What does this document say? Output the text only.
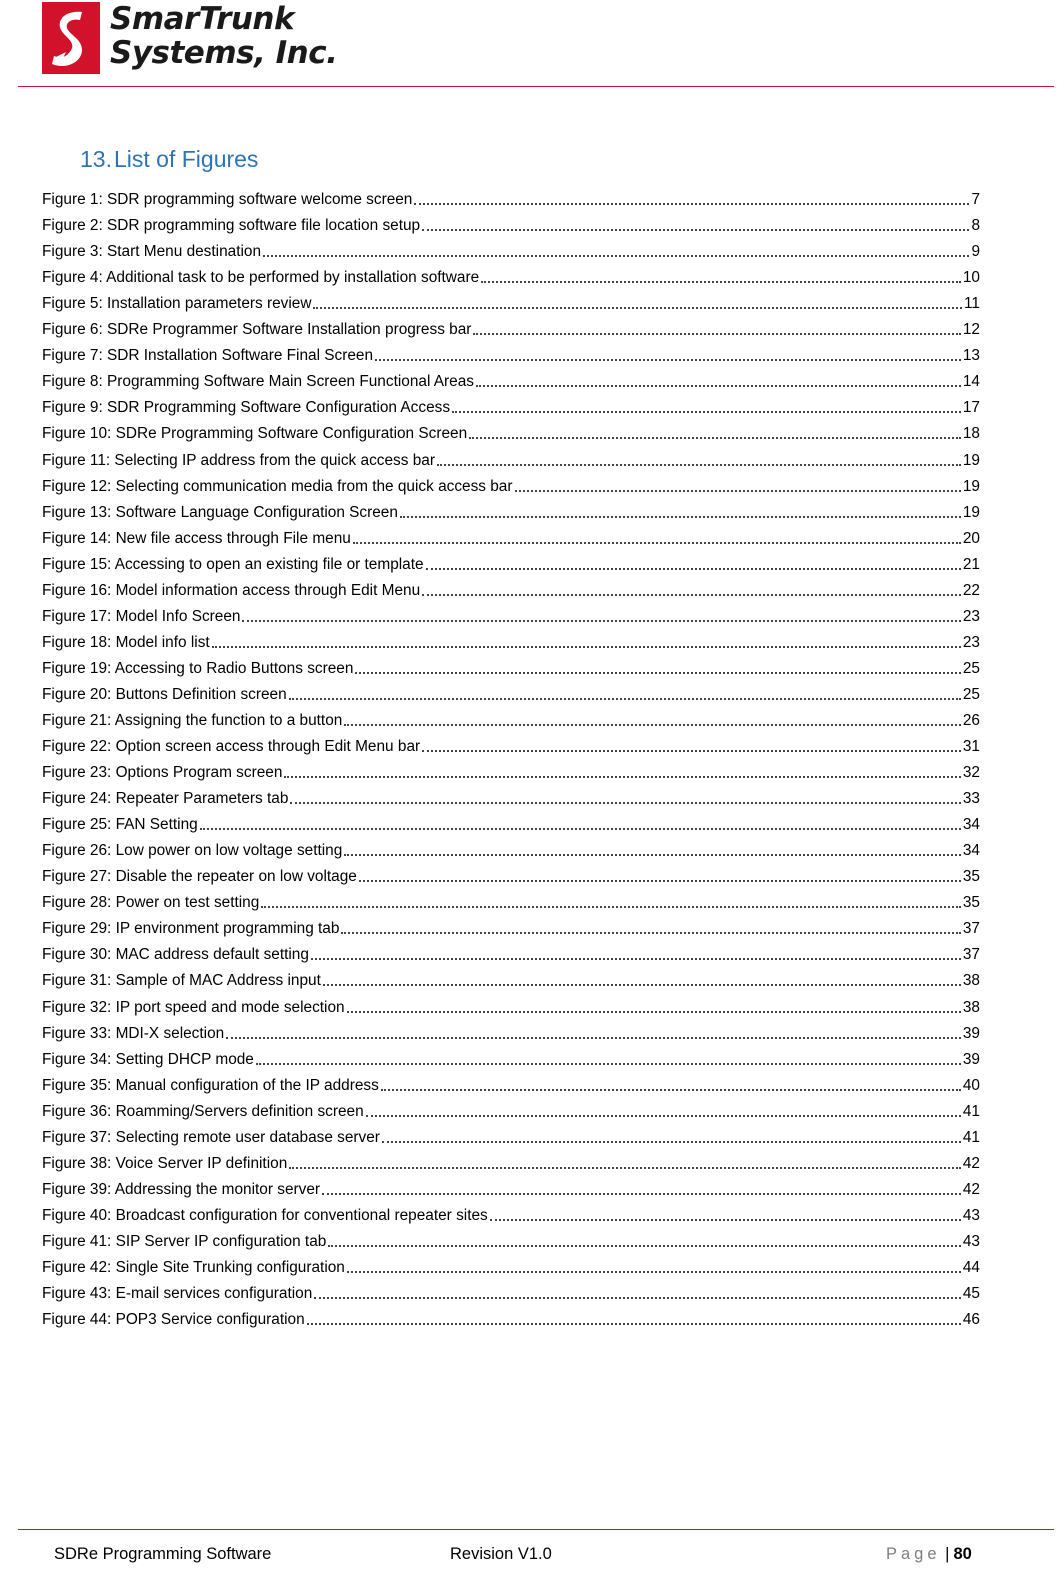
SmarTrunk
Systems, Inc.
13.List of Figures
Figure 1: SDR programming software welcome screen	7
Figure 2: SDR programming software file location setup	8
Figure 3: Start Menu destination	9
Figure 4: Additional task to be performed by installation software	10
Figure 5: Installation parameters review	11
Figure 6: SDRe Programmer Software Installation progress bar	12
Figure 7: SDR Installation Software Final Screen	13
Figure 8: Programming Software Main Screen Functional Areas	14
Figure 9: SDR Programming Software Configuration Access	17
Figure 10: SDRe Programming Software Configuration Screen	18
Figure 11: Selecting IP address from the quick access bar	19
Figure 12: Selecting communication media from the quick access bar	19
Figure 13: Software Language Configuration Screen	19
Figure 14: New file access through File menu	20
Figure 15: Accessing to open an existing file or template	21
Figure 16: Model information access through Edit Menu	22
Figure 17: Model Info Screen	23
Figure 18: Model info list	23
Figure 19: Accessing to Radio Buttons screen	25
Figure 20: Buttons Definition screen	25
Figure 21: Assigning the function to a button	26
Figure 22: Option screen access through Edit Menu bar	31
Figure 23: Options Program screen	32
Figure 24: Repeater Parameters tab	33
Figure 25: FAN Setting	34
Figure 26: Low power on low voltage setting	34
Figure 27: Disable the repeater on low voltage	35
Figure 28: Power on test setting	35
Figure 29: IP environment programming tab	37
Figure 30: MAC address default setting	37
Figure 31: Sample of MAC Address input	38
Figure 32: IP port speed and mode selection	38
Figure 33: MDI-X selection	39
Figure 34: Setting DHCP mode	39
Figure 35: Manual configuration of the IP address	40
Figure 36: Roamming/Servers definition screen	41
Figure 37: Selecting remote user database server	41
Figure 38: Voice Server IP definition	42
Figure 39: Addressing the monitor server	42
Figure 40: Broadcast configuration for conventional repeater sites	43
Figure 41: SIP Server IP configuration tab	43
Figure 42: Single Site Trunking configuration	44
Figure 43: E-mail services configuration	45
Figure 44: POP3 Service configuration	46
SDRe Programming Software	Revision V1.0	Page | 80
